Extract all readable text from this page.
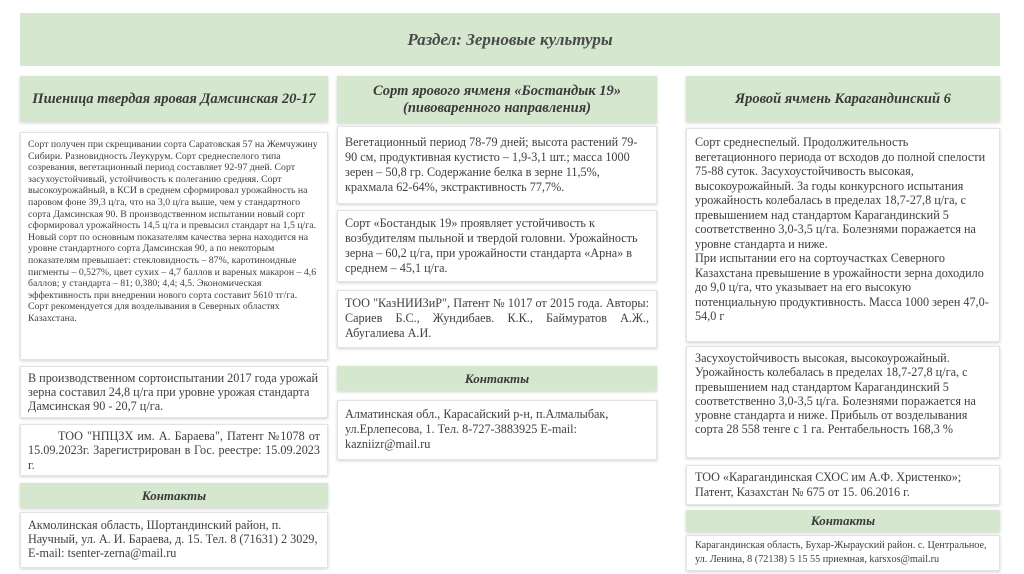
Раздел: Зерновые культуры
Пшеница твердая яровая Дамсинская 20-17

Сорт получен при скрещивании сорта Саратовская 57 на Жемчужину Сибири. Разновидность Леукурум. Сорт среднеспелого типа созревания, вегетационный период составляет 92-97 дней. Сорт засухоустойчивый, устойчивость к полеганию средняя. Сорт высокоурожайный, в КСИ в среднем сформировал урожайность на паровом фоне 39,3 ц/га, что на 3,0 ц/га выше, чем у стандартного сорта Дамсинская 90. В производственном испытании новый сорт сформировал урожайность 14,5 ц/га и превысил стандарт на 1,5 ц/га. Новый сорт по основным показателям качества зерна находится на уровне стандартного сорта Дамсинская 90, а по некоторым показателям превышает: стекловидность – 87%, каротиноидные пигменты – 0,527%, цвет сухих – 4,7 баллов и вареных макарон – 4,6 баллов; у стандарта – 81; 0,380; 4,4; 4,5. Экономическая эффективность при внедрении нового сорта составит 5610 тг/га. Сорт рекомендуется для возделывания в Северных областях Казахстана.

В производственном сортоиспытании 2017 года урожай зерна составил 24,8 ц/га при уровне урожая стандарта Дамсинская 90 - 20,7 ц/га.

ТОО "НПЦЗХ им. А. Бараева", Патент №1078 от 15.09.2023г. Зарегистрирован в Гос. реестре: 15.09.2023 г.

Контакты

Акмолинская область, Шортандинский район, п. Научный, ул. А. И. Бараева, д. 15. Тел. 8 (71631) 2 3029, E-mail: tsenter-zerna@mail.ru

Сорт ярового ячменя «Бостандык 19» (пивоваренного направления)

Вегетационный период 78-79 дней; высота растений 79-90 см, продуктивная кустисто – 1,9-3,1 шт.; масса 1000 зерен – 50,8 гр. Содержание белка в зерне 11,5%, крахмала 62-64%, экстрактивность 77,7%.

Сорт «Бостандык 19» проявляет устойчивость к возбудителям пыльной и твердой головни. Урожайность зерна – 60,2 ц/га, при урожайности стандарта «Арна» в среднем – 45,1 ц/га.

ТОО "КазНИИЗиР", Патент № 1017 от 2015 года. Авторы: Сариев Б.С., Жундибаев. К.К., Баймуратов А.Ж., Абугалиева А.И.

Контакты

Алматинская обл., Карасайский р-н, п.Алмалыбак, ул.Ерлепесова, 1. Тел. 8-727-3883925 E-mail: kazniizr@mail.ru

Яровой ячмень Карагандинский 6

Сорт среднеспелый. Продолжительность вегетационного периода от всходов до полной спелости 75-88 суток. Засухоустойчивость высокая, высокоурожайный. За годы конкурсного испытания урожайность колебалась в пределах 18,7-27,8 ц/га, с превышением над стандартом Карагандинский 5 соответственно 3,0-3,5 ц/га. Болезнями поражается на уровне стандарта и ниже.

При испытании его на сортоучастках Северного Казахстана превышение в урожайности зерна доходило до 9,0 ц/га, что указывает на его высокую потенциальную продуктивность. Масса 1000 зерен 47,0-54,0 г

Засухоустойчивость высокая, высокоурожайный. Урожайность колебалась в пределах 18,7-27,8 ц/га, с превышением над стандартом Карагандинский 5 соответственно 3,0-3,5 ц/га. Болезнями поражается на уровне стандарта и ниже. Прибыль от возделывания сорта 28 558 тенге с 1 га. Рентабельность 168,3 %

ТОО «Карагандинская СХОС им А.Ф. Христенко»; Патент, Казахстан № 675 от 15. 06.2016 г.

Контакты

Карагандинская область, Бухар-Жырауский район. с. Центральное, ул. Ленина, 8 (72138) 5 15 55 приемная, karsxos@mail.ru
